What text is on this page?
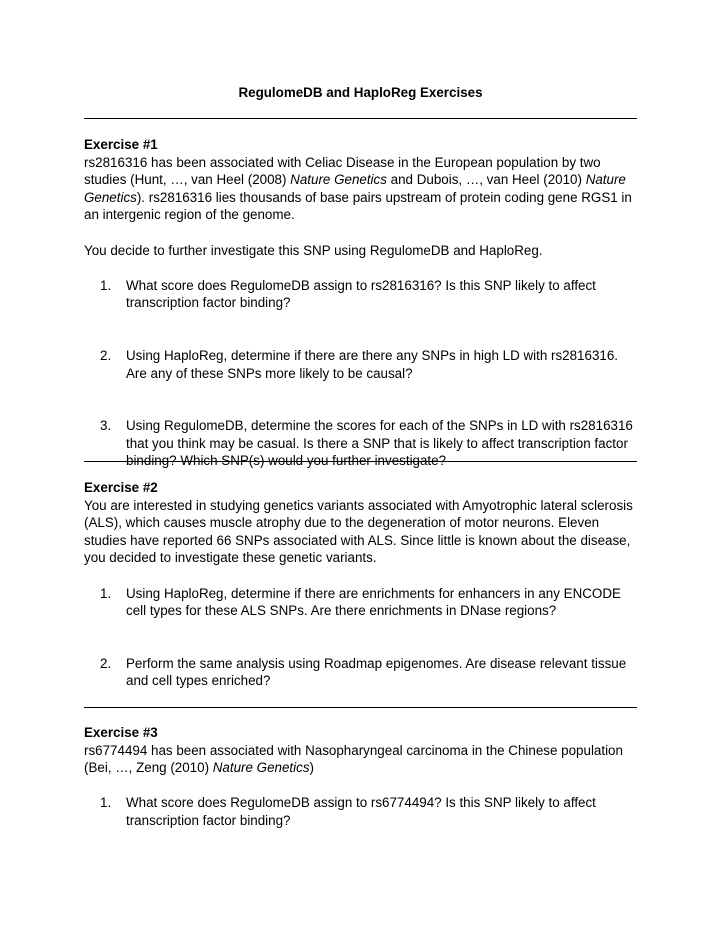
RegulomeDB and HaploReg Exercises
Exercise #1

rs2816316 has been associated with Celiac Disease in the European population by two studies (Hunt, …, van Heel (2008) Nature Genetics and Dubois, …, van Heel (2010) Nature Genetics). rs2816316 lies thousands of base pairs upstream of protein coding gene RGS1 in an intergenic region of the genome.

You decide to further investigate this SNP using RegulomeDB and HaploReg.

1. What score does RegulomeDB assign to rs2816316? Is this SNP likely to affect transcription factor binding?
2. Using HaploReg, determine if there are there any SNPs in high LD with rs2816316. Are any of these SNPs more likely to be causal?
3. Using RegulomeDB, determine the scores for each of the SNPs in LD with rs2816316 that you think may be casual. Is there a SNP that is likely to affect transcription factor binding? Which SNP(s) would you further investigate?
Exercise #2

You are interested in studying genetics variants associated with Amyotrophic lateral sclerosis (ALS), which causes muscle atrophy due to the degeneration of motor neurons. Eleven studies have reported 66 SNPs associated with ALS. Since little is known about the disease, you decided to investigate these genetic variants.

1. Using HaploReg, determine if there are enrichments for enhancers in any ENCODE cell types for these ALS SNPs. Are there enrichments in DNase regions?
2. Perform the same analysis using Roadmap epigenomes. Are disease relevant tissue and cell types enriched?
Exercise #3

rs6774494 has been associated with Nasopharyngeal carcinoma in the Chinese population (Bei, …, Zeng (2010) Nature Genetics)

1. What score does RegulomeDB assign to rs6774494? Is this SNP likely to affect transcription factor binding?
